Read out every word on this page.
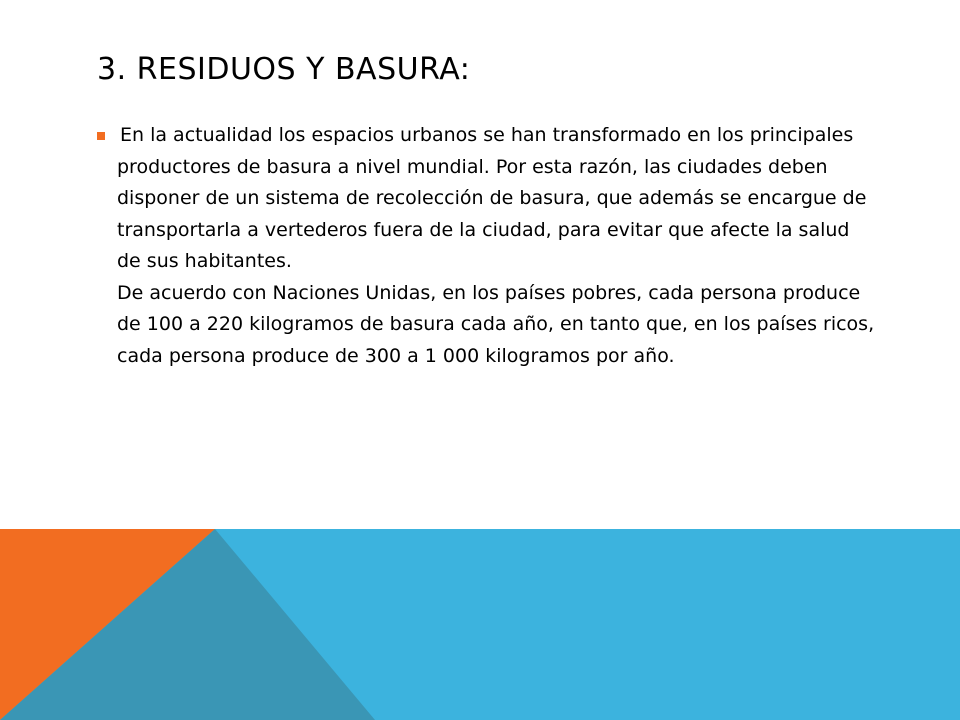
3. RESIDUOS Y BASURA:

En la actualidad los espacios urbanos se han transformado en los principales productores de basura a nivel mundial. Por esta razón, las ciudades deben disponer de un sistema de recolección de basura, que además se encargue de transportarla a vertederos fuera de la ciudad, para evitar que afecte la salud de sus habitantes.

De acuerdo con Naciones Unidas, en los países pobres, cada persona produce de 100 a 220 kilogramos de basura cada año, en tanto que, en los países ricos, cada persona produce de 300 a 1 000 kilogramos por año.
